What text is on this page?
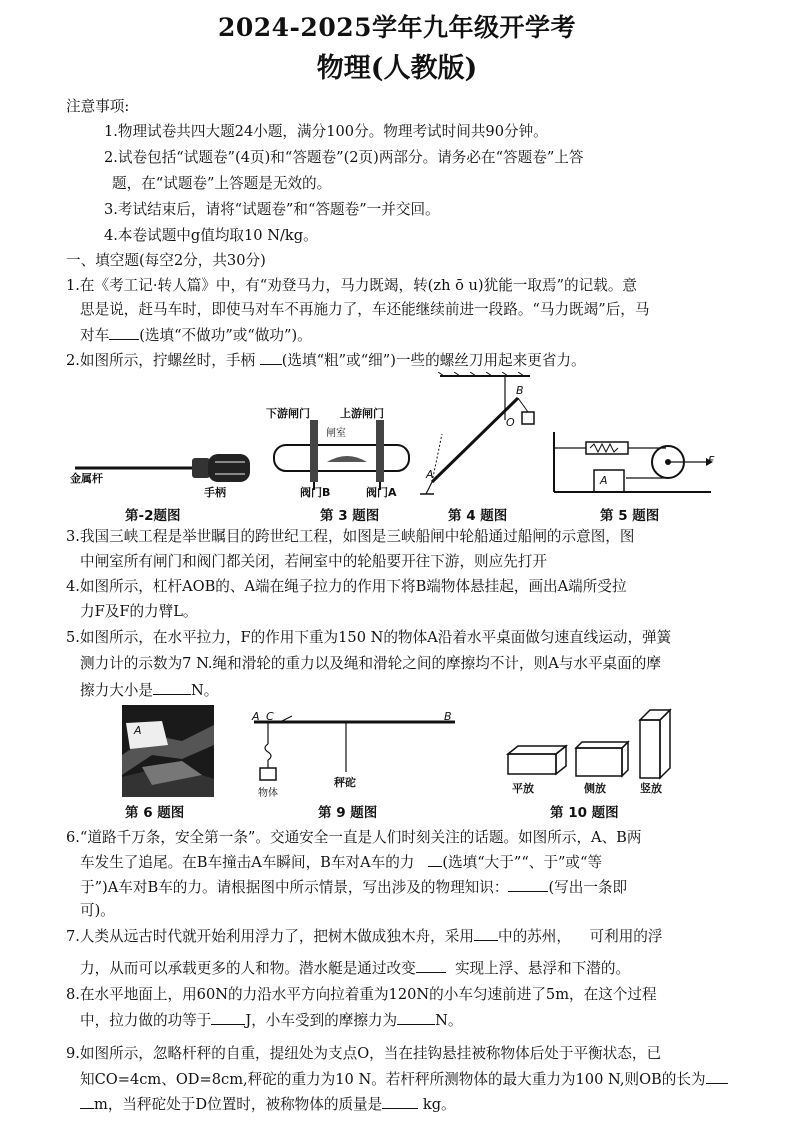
2024-2025学年九年级开学考
物理(人教版)
注意事项:
1.物理试卷共四大题24小题，满分100分。物理考试时间共90分钟。
2.试卷包括“试题卷”(4页)和“答题卷”(2页)两部分。请务必在“答题卷”上答
题，在“试题卷”上答题是无效的。
3.考试结束后，请将“试题卷”和“答题卷”一并交回。
4.本卷试题中g值均取10 N/kg。
一、填空题(每空2分，共30分)
1.在《考工记·转人篇》中，有“劝登马力，马力既竭，转(zh ō u)犹能一取焉”的记载。意
思是说，赶马车时，即使马对车不再施力了，车还能继续前进一段路。“马力既竭”后，马
对车 (选填“不做功”或“做功”)。
2.如图所示，拧螺丝时，手柄 (选填“粗”或“细”)一些的螺丝刀用起来更省力。
金属杆
手柄
第-2题图
下游闸门	上游闸门
闸室
阀门B	阀门A
第 3 题图
B
O
A
第 4 题图
A
F
第 5 题图
3.我国三峡工程是举世瞩目的跨世纪工程，如图是三峡船闸中轮船通过船闸的示意图，图
中闸室所有闸门和阀门都关闭，若闸室中的轮船要开往下游，则应先打开
4.如图所示，杠杆AOB的、A端在绳子拉力的作用下将B端物体悬挂起，画出A端所受拉
力F及F的力臂L。
5.如图所示，在水平拉力，F的作用下重为150 N的物体A沿着水平桌面做匀速直线运动，弹簧
测力计的示数为7 N.绳和滑轮的重力以及绳和滑轮之间的摩擦均不计，则A与水平桌面的摩
擦力大小是	N。
A
第 6 题图
A C	B
物体
秤砣
第 9 题图
平放	侧放	竖放
第 10 题图
6.“道路千万条，安全第一条”。交通安全一直是人们时刻关注的话题。如图所示，A、B两
车发生了追尾。在B车撞击A车瞬间，B车对A车的力 (选填“大于”“、于”或“等
于”)A车对B车的力。请根据图中所示情景，写出涉及的物理知识：	(写出一条即
可)。
7.人类从远古时代就开始利用浮力了，把树木做成独木舟，采用 中的苏州， 可利用的浮
力，从而可以承载更多的人和物。潜水艇是通过改变	实现上浮、悬浮和下潜的。
8.在水平地面上，用60N的力沿水平方向拉着重为120N的小车匀速前进了5m，在这个过程
中，拉力做的功等于 J，小车受到的摩擦力为	N。
9.如图所示，忽略杆秤的自重，提纽处为支点O，当在挂钩悬挂被称物体后处于平衡状态，已
知CO=4cm、OD=8cm,秤砣的重力为10 N。若杆秤所测物体的最大重力为100 N,则OB的长为
m，当秤砣处于D位置时，被称物体的质量是	kg。
